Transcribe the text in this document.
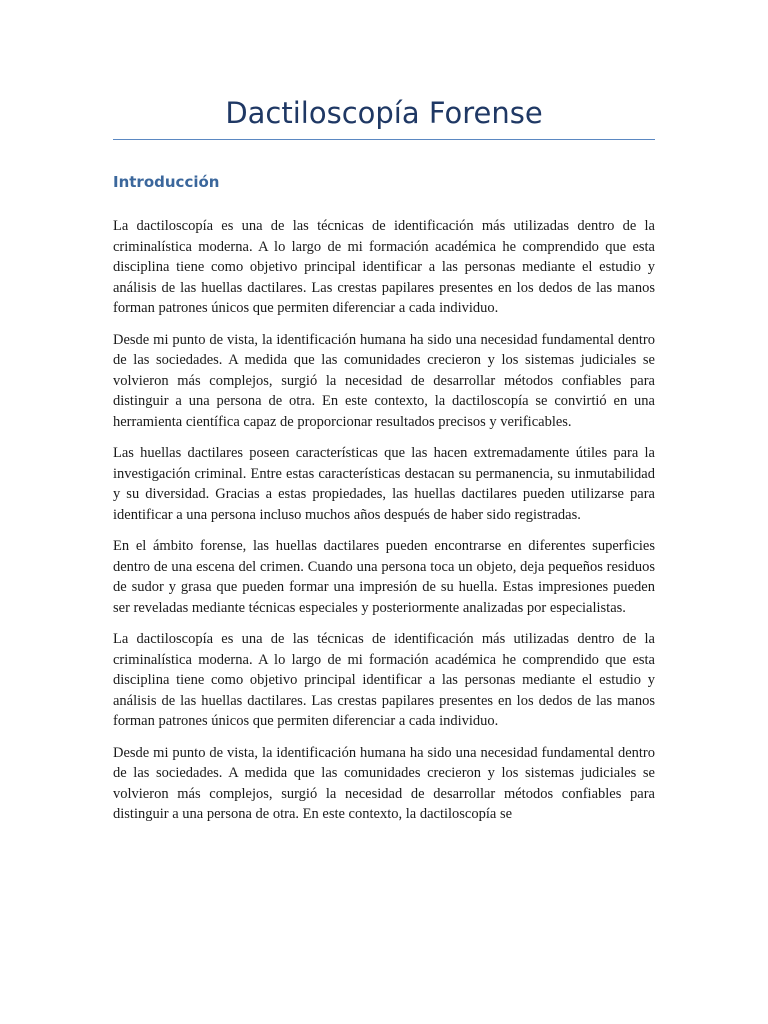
Dactiloscopía Forense
Introducción

La dactiloscopía es una de las técnicas de identificación más utilizadas dentro de la criminalística moderna. A lo largo de mi formación académica he comprendido que esta disciplina tiene como objetivo principal identificar a las personas mediante el estudio y análisis de las huellas dactilares. Las crestas papilares presentes en los dedos de las manos forman patrones únicos que permiten diferenciar a cada individuo.

Desde mi punto de vista, la identificación humana ha sido una necesidad fundamental dentro de las sociedades. A medida que las comunidades crecieron y los sistemas judiciales se volvieron más complejos, surgió la necesidad de desarrollar métodos confiables para distinguir a una persona de otra. En este contexto, la dactiloscopía se convirtió en una herramienta científica capaz de proporcionar resultados precisos y verificables.

Las huellas dactilares poseen características que las hacen extremadamente útiles para la investigación criminal. Entre estas características destacan su permanencia, su inmutabilidad y su diversidad. Gracias a estas propiedades, las huellas dactilares pueden utilizarse para identificar a una persona incluso muchos años después de haber sido registradas.

En el ámbito forense, las huellas dactilares pueden encontrarse en diferentes superficies dentro de una escena del crimen. Cuando una persona toca un objeto, deja pequeños residuos de sudor y grasa que pueden formar una impresión de su huella. Estas impresiones pueden ser reveladas mediante técnicas especiales y posteriormente analizadas por especialistas.

La dactiloscopía es una de las técnicas de identificación más utilizadas dentro de la criminalística moderna. A lo largo de mi formación académica he comprendido que esta disciplina tiene como objetivo principal identificar a las personas mediante el estudio y análisis de las huellas dactilares. Las crestas papilares presentes en los dedos de las manos forman patrones únicos que permiten diferenciar a cada individuo.

Desde mi punto de vista, la identificación humana ha sido una necesidad fundamental dentro de las sociedades. A medida que las comunidades crecieron y los sistemas judiciales se volvieron más complejos, surgió la necesidad de desarrollar métodos confiables para distinguir a una persona de otra. En este contexto, la dactiloscopía se
